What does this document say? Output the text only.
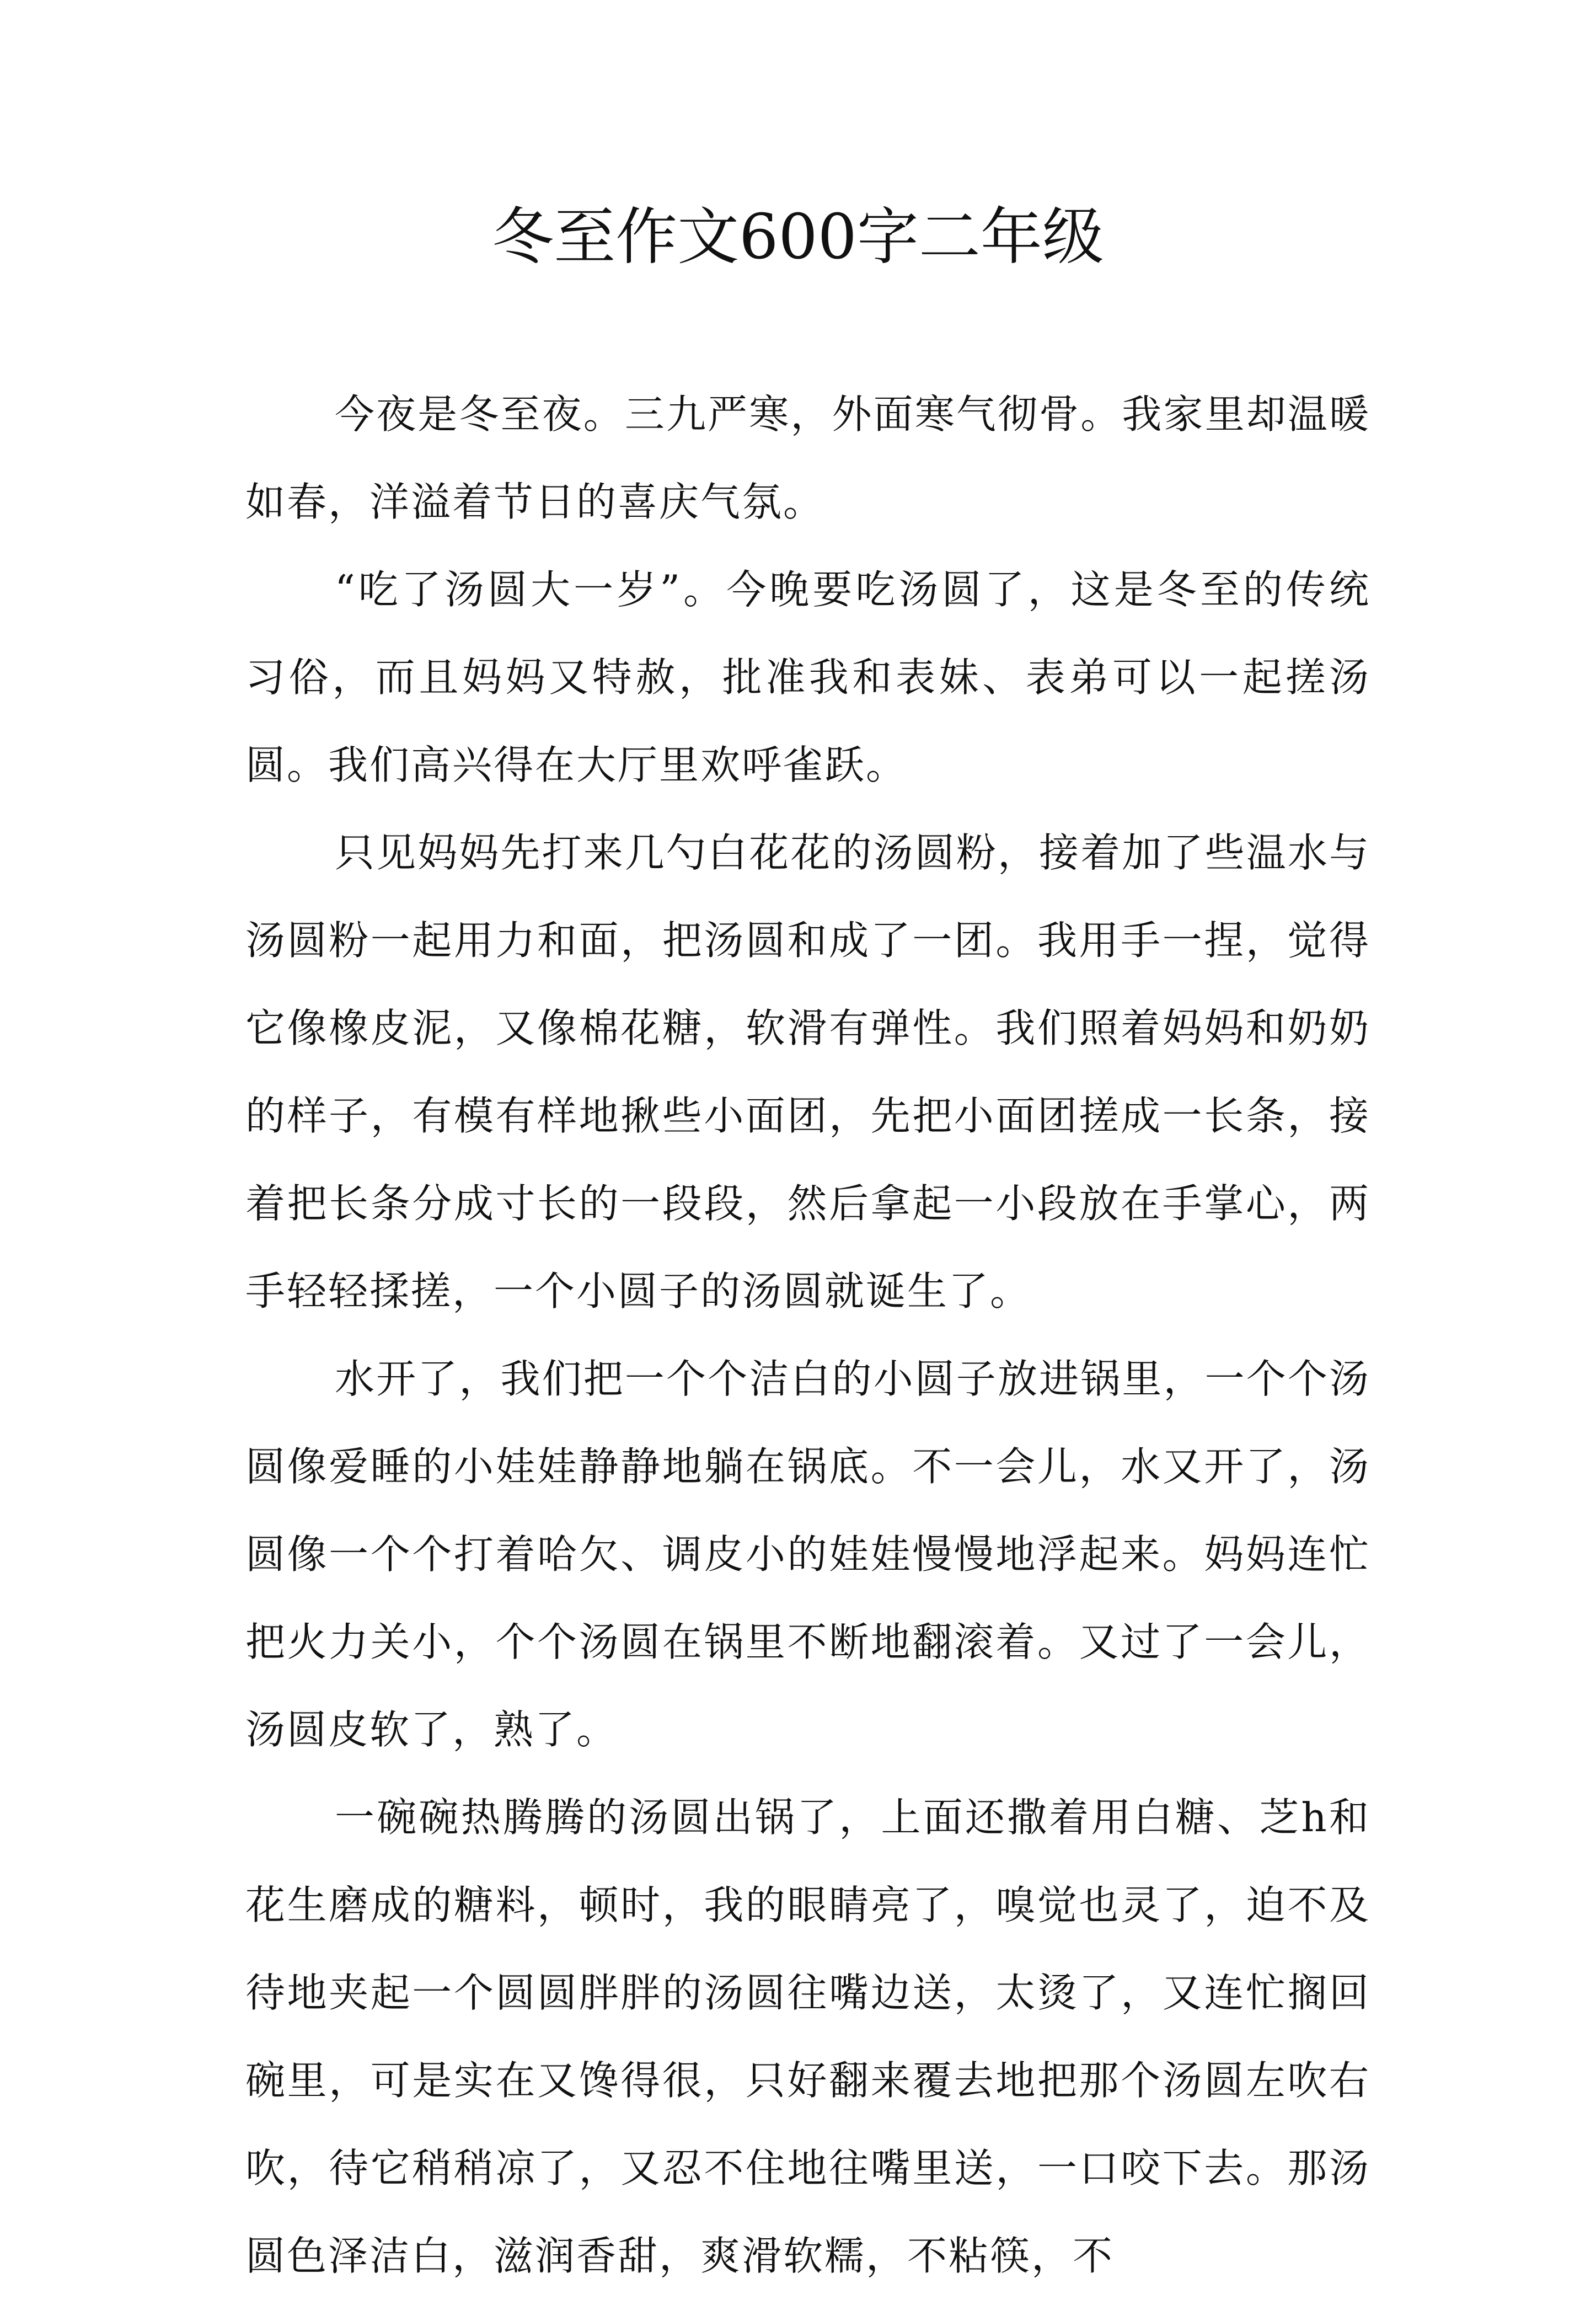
冬至作文600字二年级

今夜是冬至夜。三九严寒，外面寒气彻骨。我家里却温暖如春，洋溢着节日的喜庆气氛。

“吃了汤圆大一岁”。今晚要吃汤圆了，这是冬至的传统习俗，而且妈妈又特赦，批准我和表妹、表弟可以一起搓汤圆。我们高兴得在大厅里欢呼雀跃。

只见妈妈先打来几勺白花花的汤圆粉，接着加了些温水与汤圆粉一起用力和面，把汤圆和成了一团。我用手一捏，觉得它像橡皮泥，又像棉花糖，软滑有弹性。我们照着妈妈和奶奶的样子，有模有样地揪些小面团，先把小面团搓成一长条，接着把长条分成寸长的一段段，然后拿起一小段放在手掌心，两手轻轻揉搓，一个小圆子的汤圆就诞生了。

水开了，我们把一个个洁白的小圆子放进锅里，一个个汤圆像爱睡的小娃娃静静地躺在锅底。不一会儿，水又开了，汤圆像一个个打着哈欠、调皮小的娃娃慢慢地浮起来。妈妈连忙把火力关小，个个汤圆在锅里不断地翻滚着。又过了一会儿，汤圆皮软了，熟了。

一碗碗热腾腾的汤圆出锅了，上面还撒着用白糖、芝h和花生磨成的糖料，顿时，我的眼睛亮了，嗅觉也灵了，迫不及待地夹起一个圆圆胖胖的汤圆往嘴边送，太烫了，又连忙搁回碗里，可是实在又馋得很，只好翻来覆去地把那个汤圆左吹右吹，待它稍稍凉了，又忍不住地往嘴里送，一口咬下去。那汤圆色泽洁白，滋润香甜，爽滑软糯，不粘筷，不
